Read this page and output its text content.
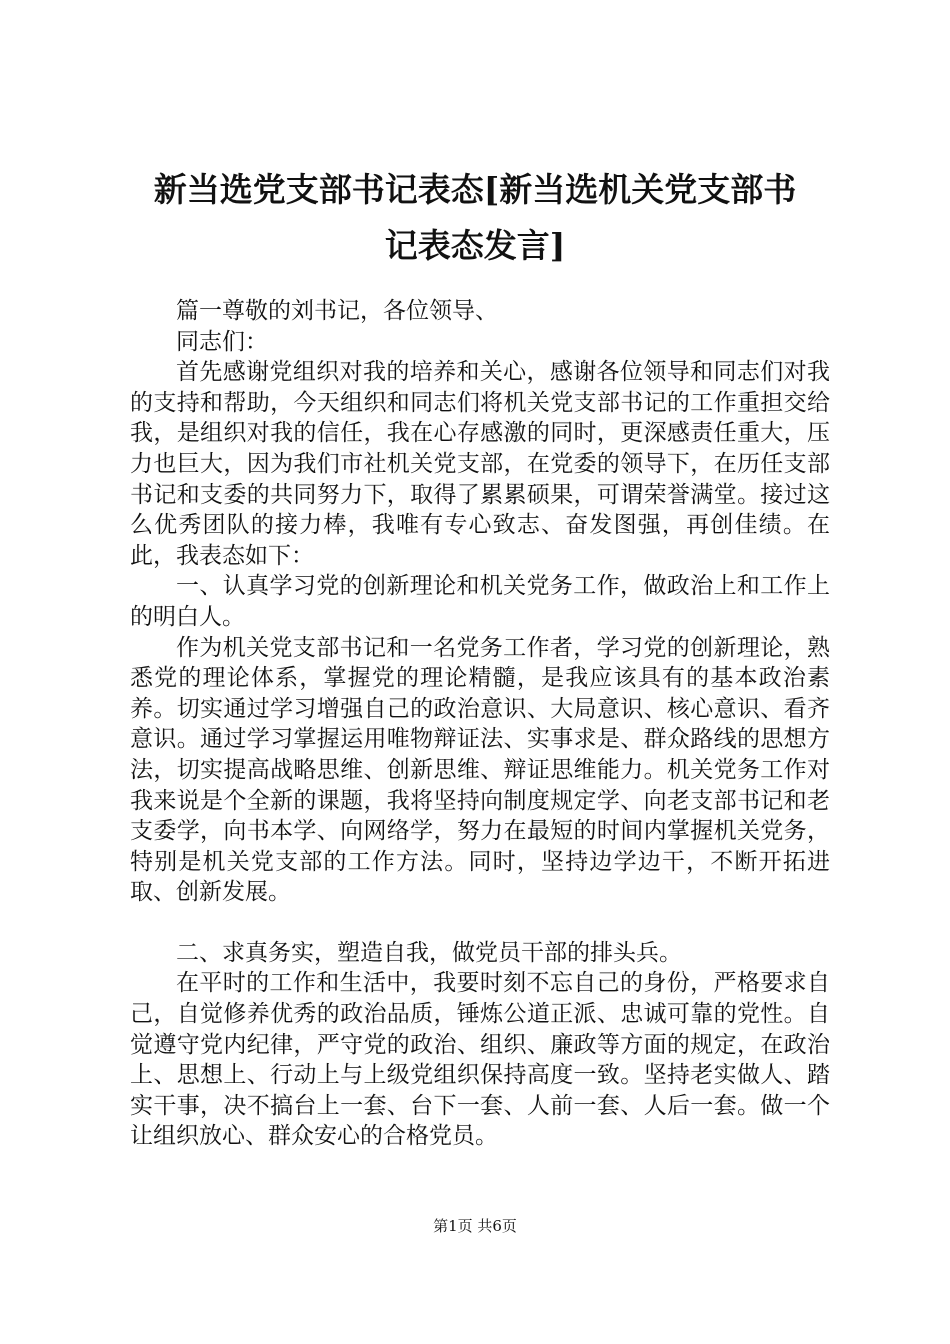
新当选党支部书记表态[新当选机关党支部书
记表态发言]

篇一尊敬的刘书记，各位领导、

同志们：

首先感谢党组织对我的培养和关心，感谢各位领导和同志们对我的支持和帮助，今天组织和同志们将机关党支部书记的工作重担交给我，是组织对我的信任，我在心存感激的同时，更深感责任重大，压力也巨大，因为我们市社机关党支部，在党委的领导下，在历任支部书记和支委的共同努力下，取得了累累硕果，可谓荣誉满堂。接过这么优秀团队的接力棒，我唯有专心致志、奋发图强，再创佳绩。在此，我表态如下：

一、认真学习党的创新理论和机关党务工作，做政治上和工作上的明白人。

作为机关党支部书记和一名党务工作者，学习党的创新理论，熟悉党的理论体系，掌握党的理论精髓，是我应该具有的基本政治素养。切实通过学习增强自己的政治意识、大局意识、核心意识、看齐意识。通过学习掌握运用唯物辩证法、实事求是、群众路线的思想方法，切实提高战略思维、创新思维、辩证思维能力。机关党务工作对我来说是个全新的课题，我将坚持向制度规定学、向老支部书记和老支委学，向书本学、向网络学，努力在最短的时间内掌握机关党务，特别是机关党支部的工作方法。同时，坚持边学边干，不断开拓进取、创新发展。

二、求真务实，塑造自我，做党员干部的排头兵。

在平时的工作和生活中，我要时刻不忘自己的身份，严格要求自己，自觉修养优秀的政治品质，锤炼公道正派、忠诚可靠的党性。自觉遵守党内纪律，严守党的政治、组织、廉政等方面的规定，在政治上、思想上、行动上与上级党组织保持高度一致。坚持老实做人、踏实干事，决不搞台上一套、台下一套、人前一套、人后一套。做一个让组织放心、群众安心的合格党员。

第1页 共6页
